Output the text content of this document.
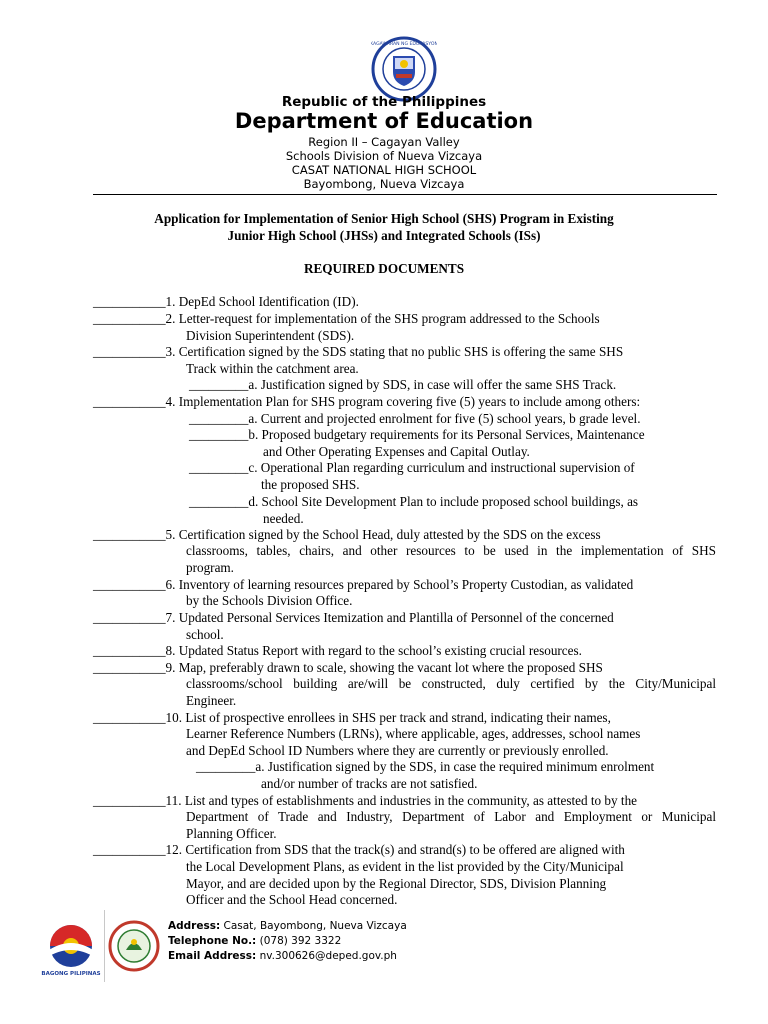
KAGAWARAN NG EDUKASYON
Republic of the Philippines
Department of Education
Region II – Cagayan Valley
Schools Division of Nueva Vizcaya
CASAT NATIONAL HIGH SCHOOL
Bayombong, Nueva Vizcaya
Application for Implementation of Senior High School (SHS) Program in Existing
Junior High School (JHSs) and Integrated Schools (ISs)
REQUIRED DOCUMENTS
___________1. DepEd School Identification (ID).
___________2. Letter-request for implementation of the SHS program addressed to the Schools
Division Superintendent (SDS).
___________3. Certification signed by the SDS stating that no public SHS is offering the same SHS
Track within the catchment area.
_________a. Justification signed by SDS, in case will offer the same SHS Track.
___________4. Implementation Plan for SHS program covering five (5) years to include among others:
_________a. Current and projected enrolment for five (5) school years, b grade level.
_________b. Proposed budgetary requirements for its Personal Services, Maintenance
and Other Operating Expenses and Capital Outlay.
_________c. Operational Plan regarding curriculum and instructional supervision of
the proposed SHS.
_________d. School Site Development Plan to include proposed school buildings, as
needed.
___________5. Certification signed by the School Head, duly attested by the SDS on the excess
classrooms, tables, chairs, and other resources to be used in the implementation of SHS
program.
___________6. Inventory of learning resources prepared by School’s Property Custodian, as validated
by the Schools Division Office.
___________7. Updated Personal Services Itemization and Plantilla of Personnel of the concerned
school.
___________8. Updated Status Report with regard to the school’s existing crucial resources.
___________9. Map, preferably drawn to scale, showing the vacant lot where the proposed SHS
classrooms/school building are/will be constructed, duly certified by the City/Municipal
Engineer.
___________10. List of prospective enrollees in SHS per track and strand, indicating their names,
Learner Reference Numbers (LRNs), where applicable, ages, addresses, school names
and DepEd School ID Numbers where they are currently or previously enrolled.
_________a. Justification signed by the SDS, in case the required minimum enrolment
and/or number of tracks are not satisfied.
___________11. List and types of establishments and industries in the community, as attested to by the
Department of Trade and Industry, Department of Labor and Employment or Municipal
Planning Officer.
___________12. Certification from SDS that the track(s) and strand(s) to be offered are aligned with
the Local Development Plans, as evident in the list provided by the City/Municipal
Mayor, and are decided upon by the Regional Director, SDS, Division Planning
Officer and the School Head concerned.
BAGONG PILIPINAS
Address: Casat, Bayombong, Nueva Vizcaya
Telephone No.: (078) 392 3322
Email Address: nv.300626@deped.gov.ph
